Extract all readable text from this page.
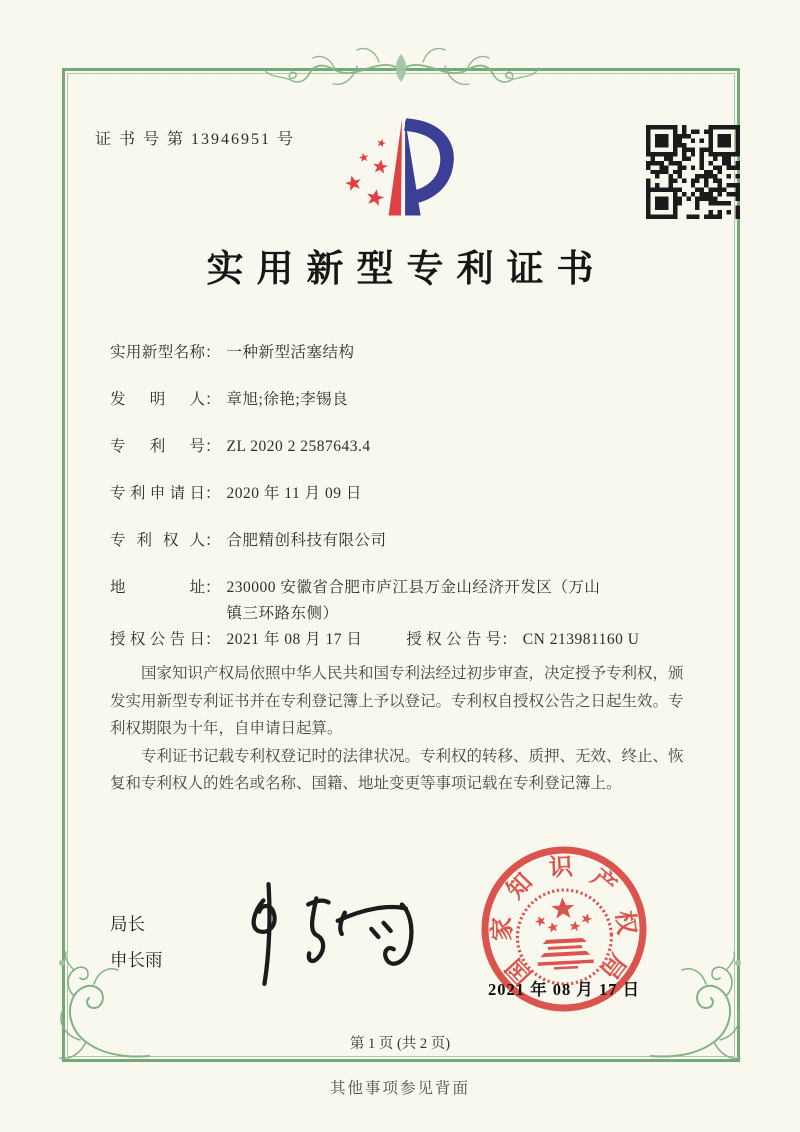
证 书 号 第 13946951 号
实用新型专利证书
实用新型名称： 一种新型活塞结构
发明人： 章旭;徐艳;李锡良
专利号： ZL 2020 2 2587643.4
专利申请日： 2020 年 11 月 09 日
专利权人： 合肥精创科技有限公司
地址： 230000 安徽省合肥市庐江县万金山经济开发区（万山镇三环路东侧）
授权公告日： 2021 年 08 月 17 日	授权公告号： CN 213981160 U

国家知识产权局依照中华人民共和国专利法经过初步审查，决定授予专利权，颁发实用新型专利证书并在专利登记簿上予以登记。专利权自授权公告之日起生效。专利权期限为十年，自申请日起算。

专利证书记载专利权登记时的法律状况。专利权的转移、质押、无效、终止、恢复和专利权人的姓名或名称、国籍、地址变更等事项记载在专利登记簿上。

局长
申长雨	国
家
知
识 产
权
局
2021 年 08 月 17 日
第 1 页 (共 2 页)
其他事项参见背面
